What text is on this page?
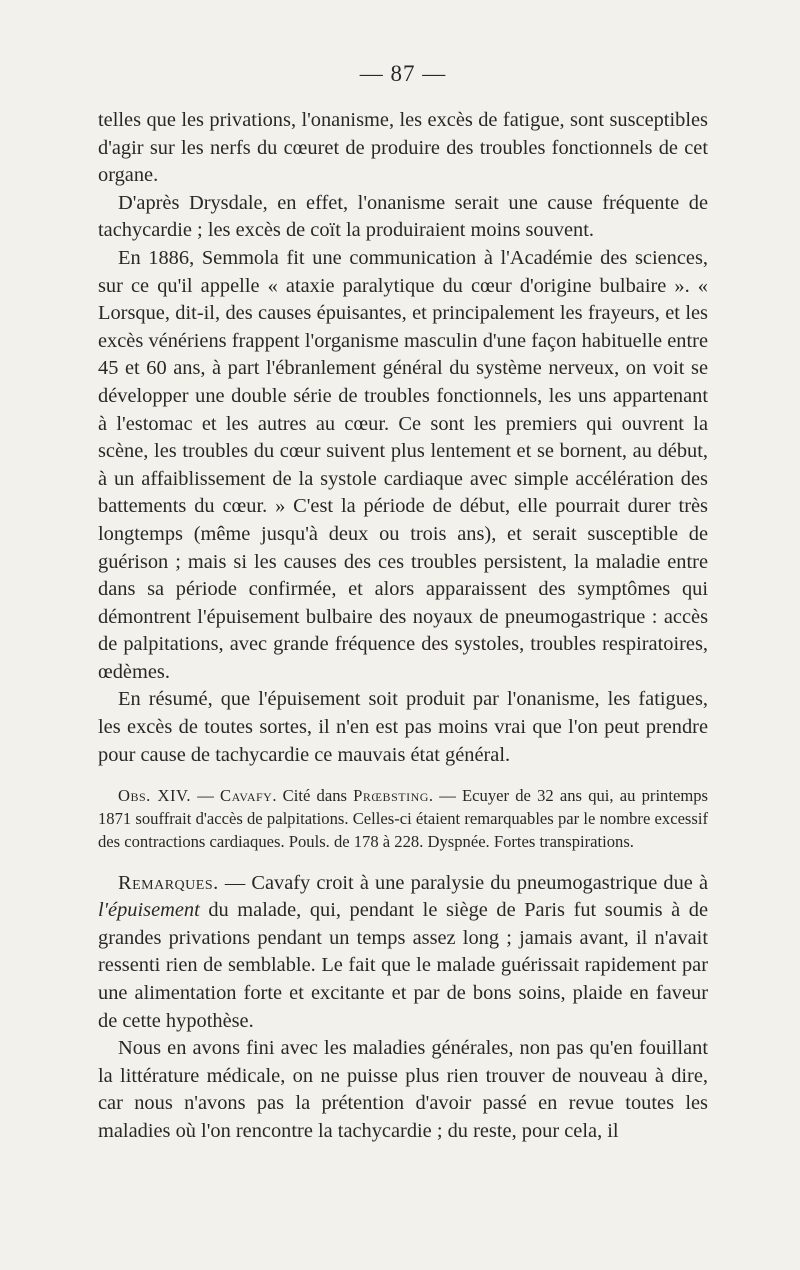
— 87 —

telles que les privations, l'onanisme, les excès de fatigue, sont susceptibles d'agir sur les nerfs du cœuret de produire des troubles fonctionnels de cet organe.

D'après Drysdale, en effet, l'onanisme serait une cause fréquente de tachycardie ; les excès de coït la produiraient moins souvent.

En 1886, Semmola fit une communication à l'Académie des sciences, sur ce qu'il appelle « ataxie paralytique du cœur d'origine bulbaire ». « Lorsque, dit-il, des causes épuisantes, et principalement les frayeurs, et les excès vénériens frappent l'organisme masculin d'une façon habituelle entre 45 et 60 ans, à part l'ébranlement général du système nerveux, on voit se développer une double série de troubles fonctionnels, les uns appartenant à l'estomac et les autres au cœur. Ce sont les premiers qui ouvrent la scène, les troubles du cœur suivent plus lentement et se bornent, au début, à un affaiblissement de la systole cardiaque avec simple accélération des battements du cœur. » C'est la période de début, elle pourrait durer très longtemps (même jusqu'à deux ou trois ans), et serait susceptible de guérison ; mais si les causes des ces troubles persistent, la maladie entre dans sa période confirmée, et alors apparaissent des symptômes qui démontrent l'épuisement bulbaire des noyaux de pneumogastrique : accès de palpitations, avec grande fréquence des systoles, troubles respiratoires, œdèmes.

En résumé, que l'épuisement soit produit par l'onanisme, les fatigues, les excès de toutes sortes, il n'en est pas moins vrai que l'on peut prendre pour cause de tachycardie ce mauvais état général.

Obs. XIV. — Cavafy. Cité dans Prœbsting. — Ecuyer de 32 ans qui, au printemps 1871 souffrait d'accès de palpitations. Celles-ci étaient remarquables par le nombre excessif des contractions cardiaques. Pouls. de 178 à 228. Dyspnée. Fortes transpirations.

Remarques. — Cavafy croit à une paralysie du pneumogastrique due à l'épuisement du malade, qui, pendant le siège de Paris fut soumis à de grandes privations pendant un temps assez long ; jamais avant, il n'avait ressenti rien de semblable. Le fait que le malade guérissait rapidement par une alimentation forte et excitante et par de bons soins, plaide en faveur de cette hypothèse.

Nous en avons fini avec les maladies générales, non pas qu'en fouillant la littérature médicale, on ne puisse plus rien trouver de nouveau à dire, car nous n'avons pas la prétention d'avoir passé en revue toutes les maladies où l'on rencontre la tachycardie ; du reste, pour cela, il
